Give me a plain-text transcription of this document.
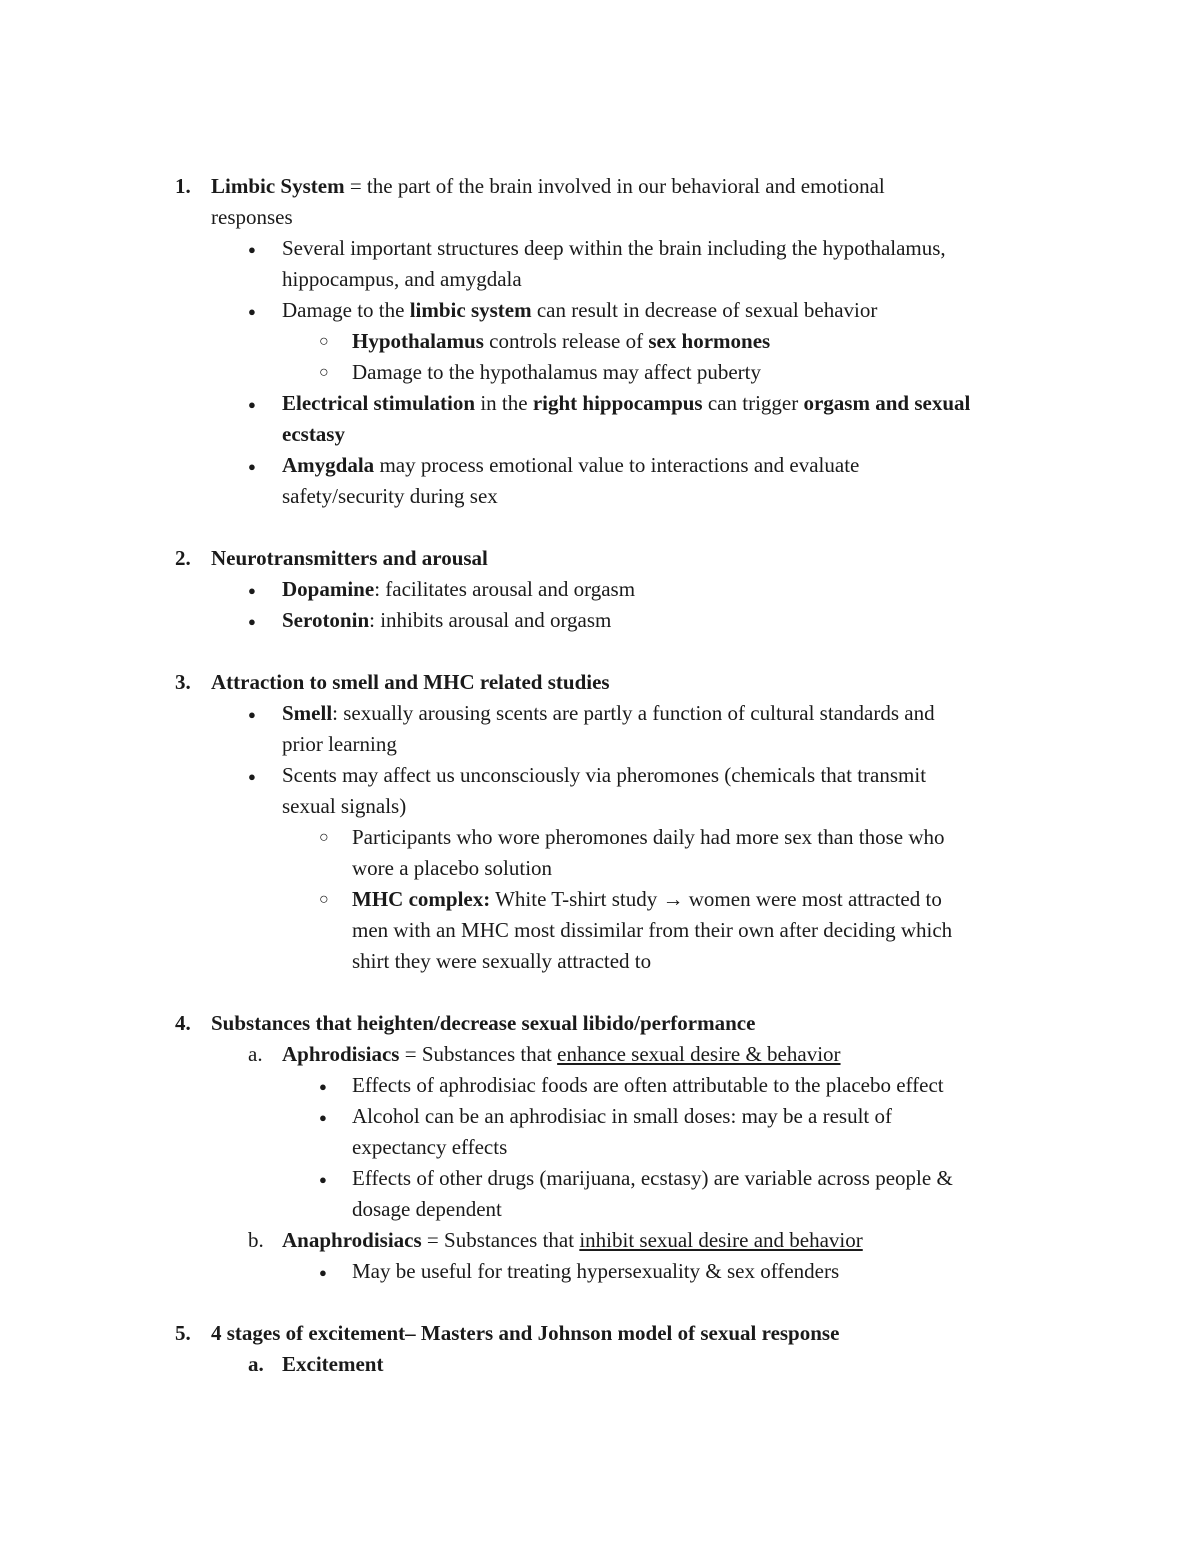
1. Limbic System = the part of the brain involved in our behavioral and emotional
responses
● Several important structures deep within the brain including the hypothalamus,
hippocampus, and amygdala
● Damage to the limbic system can result in decrease of sexual behavior
○ Hypothalamus controls release of sex hormones
○ Damage to the hypothalamus may affect puberty
● Electrical stimulation in the right hippocampus can trigger orgasm and sexual
ecstasy
● Amygdala may process emotional value to interactions and evaluate
safety/security during sex
2. Neurotransmitters and arousal
● Dopamine: facilitates arousal and orgasm
● Serotonin: inhibits arousal and orgasm
3. Attraction to smell and MHC related studies
● Smell: sexually arousing scents are partly a function of cultural standards and
prior learning
● Scents may affect us unconsciously via pheromones (chemicals that transmit
sexual signals)
○ Participants who wore pheromones daily had more sex than those who
wore a placebo solution
○ MHC complex: White T-shirt study → women were most attracted to
men with an MHC most dissimilar from their own after deciding which
shirt they were sexually attracted to
4. Substances that heighten/decrease sexual libido/performance
a. Aphrodisiacs = Substances that enhance sexual desire & behavior
● Effects of aphrodisiac foods are often attributable to the placebo effect
● Alcohol can be an aphrodisiac in small doses: may be a result of
expectancy effects
● Effects of other drugs (marijuana, ecstasy) are variable across people &
dosage dependent
b. Anaphrodisiacs = Substances that inhibit sexual desire and behavior
● May be useful for treating hypersexuality & sex offenders
5. 4 stages of excitement– Masters and Johnson model of sexual response
a. Excitement
